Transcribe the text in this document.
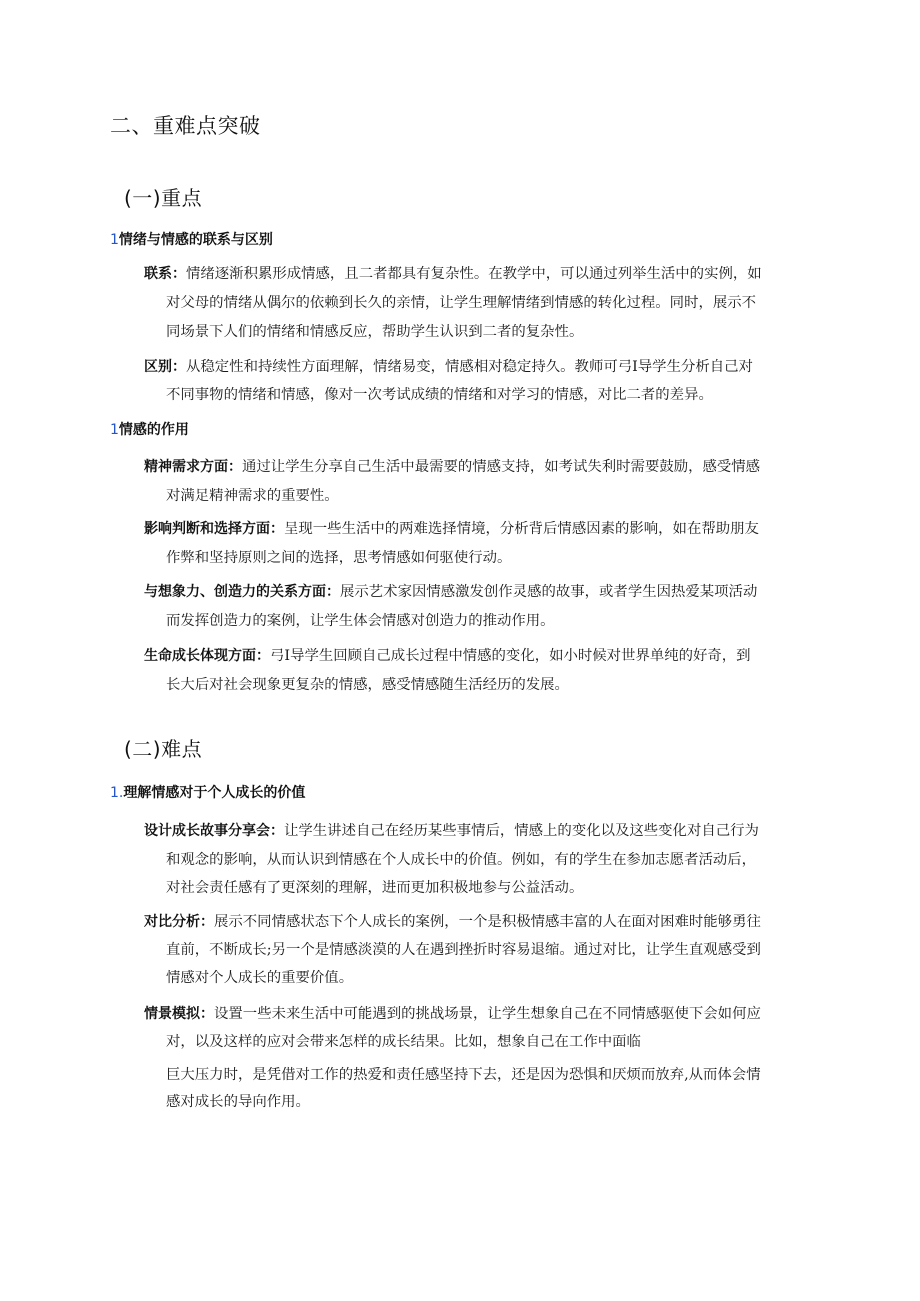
二、重难点突破
(一)重点
1情绪与情感的联系与区别
联系：情绪逐渐积累形成情感，且二者都具有复杂性。在教学中，可以通过列举生活中的实例，如
对父母的情绪从偶尔的依赖到长久的亲情，让学生理解情绪到情感的转化过程。同时，展示不
同场景下人们的情绪和情感反应，帮助学生认识到二者的复杂性。
区别：从稳定性和持续性方面理解，情绪易变，情感相对稳定持久。教师可弓I导学生分析自己对
不同事物的情绪和情感，像对一次考试成绩的情绪和对学习的情感，对比二者的差异。
1情感的作用
精神需求方面：通过让学生分享自己生活中最需要的情感支持，如考试失利时需要鼓励，感受情感
对满足精神需求的重要性。
影响判断和选择方面：呈现一些生活中的两难选择情境，分析背后情感因素的影响，如在帮助朋友
作弊和坚持原则之间的选择，思考情感如何驱使行动。
与想象力、创造力的关系方面：展示艺术家因情感激发创作灵感的故事，或者学生因热爱某项活动
而发挥创造力的案例，让学生体会情感对创造力的推动作用。
生命成长体现方面：弓I导学生回顾自己成长过程中情感的变化，如小时候对世界单纯的好奇，到
长大后对社会现象更复杂的情感，感受情感随生活经历的发展。
(二)难点
1.理解情感对于个人成长的价值
设计成长故事分享会：让学生讲述自己在经历某些事情后，情感上的变化以及这些变化对自己行为
和观念的影响，从而认识到情感在个人成长中的价值。例如，有的学生在参加志愿者活动后，
对社会责任感有了更深刻的理解，进而更加积极地参与公益活动。
对比分析：展示不同情感状态下个人成长的案例，一个是积极情感丰富的人在面对困难时能够勇往
直前，不断成长;另一个是情感淡漠的人在遇到挫折时容易退缩。通过对比，让学生直观感受到
情感对个人成长的重要价值。
情景模拟：设置一些未来生活中可能遇到的挑战场景，让学生想象自己在不同情感驱使下会如何应
对，以及这样的应对会带来怎样的成长结果。比如，想象自己在工作中面临
巨大压力时，是凭借对工作的热爱和责任感坚持下去，还是因为恐惧和厌烦而放弃,从而体会情
感对成长的导向作用。
